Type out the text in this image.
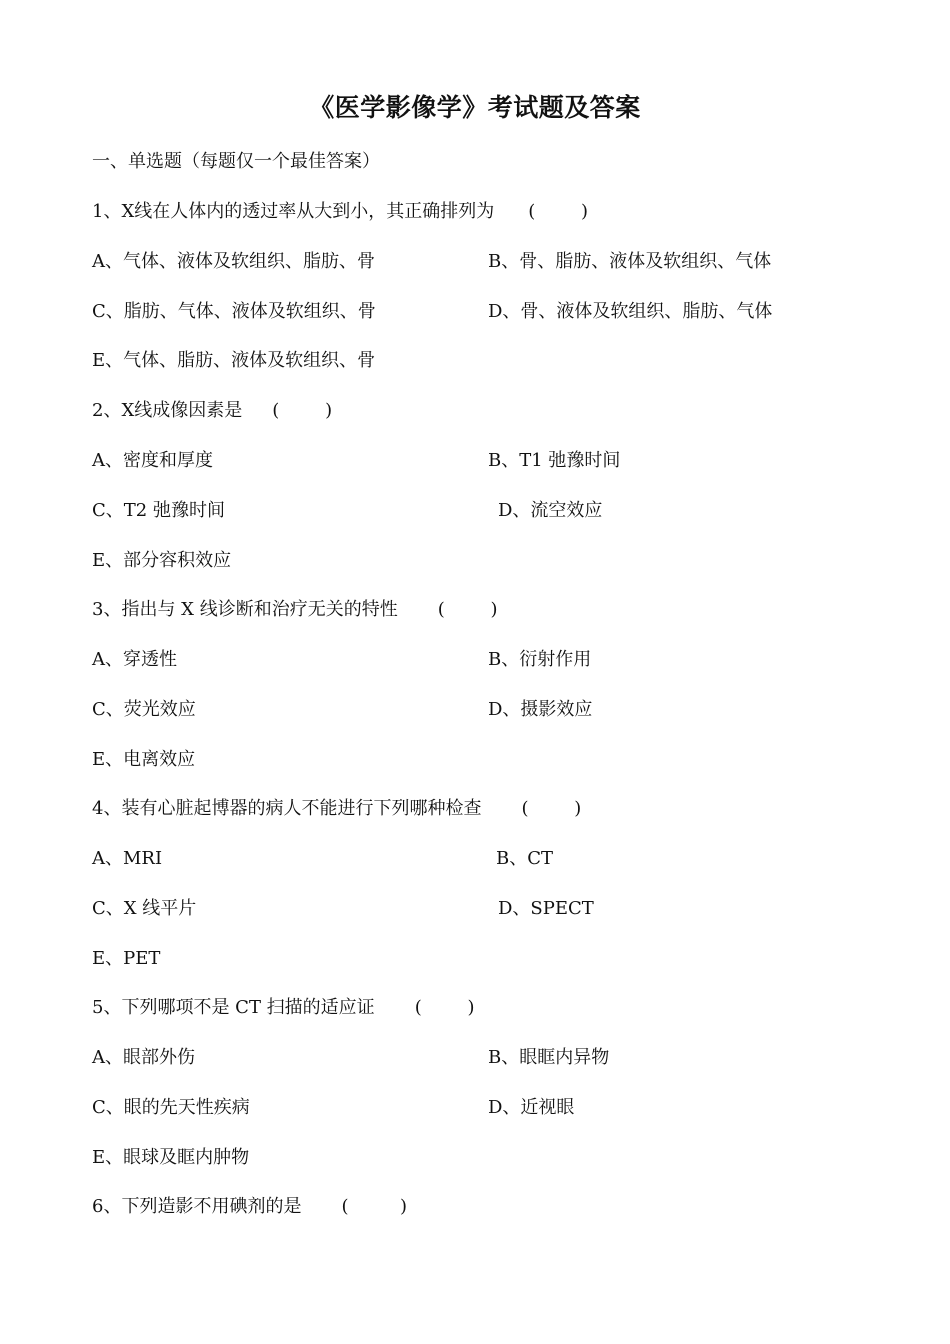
《医学影像学》考试题及答案
一、单选题（每题仅一个最佳答案）
1、X线在人体内的透过率从大到小，其正确排列为 (        )
A、气体、液体及软组织、脂肪、骨	B、骨、脂肪、液体及软组织、气体
C、脂肪、气体、液体及软组织、骨	D、骨、液体及软组织、脂肪、气体
E、气体、脂肪、液体及软组织、骨
2、X线成像因素是 (        )
A、密度和厚度	B、T1 弛豫时间
C、T2 弛豫时间	D、流空效应
E、部分容积效应
3、指出与 X 线诊断和治疗无关的特性 (        )
A、穿透性	B、衍射作用
C、荧光效应	D、摄影效应
E、电离效应
4、装有心脏起博器的病人不能进行下列哪种检查 (        )
A、MRI	B、CT
C、X 线平片	D、SPECT
E、PET
5、下列哪项不是 CT 扫描的适应证 (        )
A、眼部外伤	B、眼眶内异物
C、眼的先天性疾病	D、近视眼
E、眼球及眶内肿物
6、下列造影不用碘剂的是 (         )
